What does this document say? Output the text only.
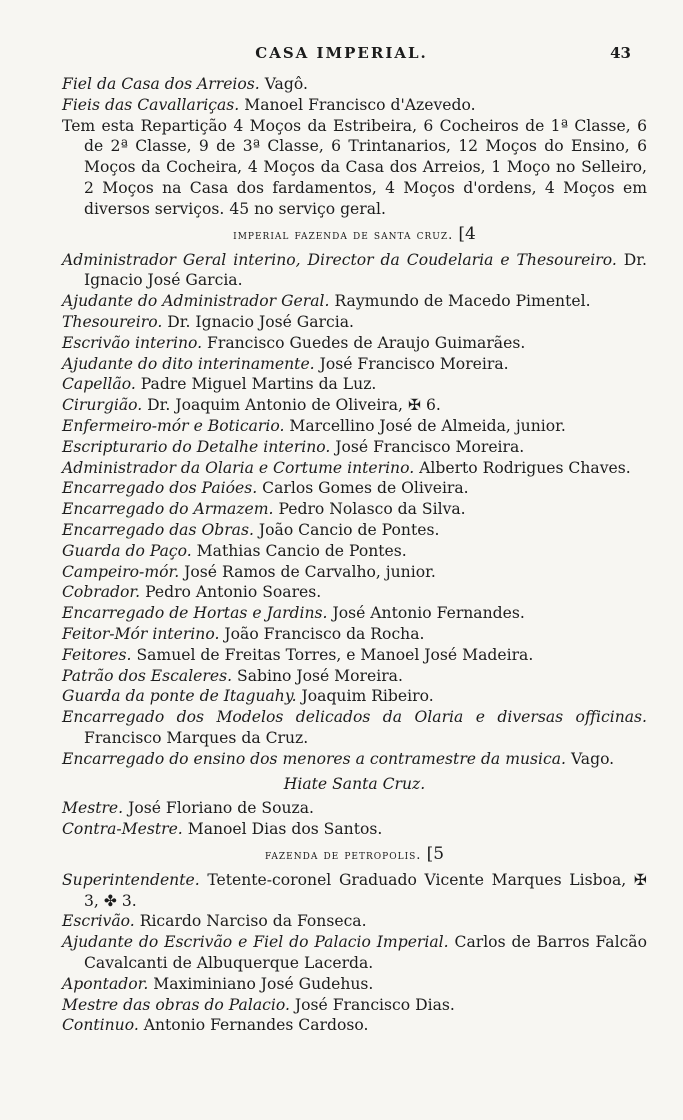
CASA IMPERIAL.	43
Fiel da Casa dos Arreios. Vagô.
Fieis das Cavallariças. Manoel Francisco d'Azevedo.
Tem esta Repartição 4 Moços da Estribeira, 6 Cocheiros de 1ª Classe, 6 de 2ª Classe, 9 de 3ª Classe, 6 Trintanarios, 12 Moços do Ensino, 6 Moços da Cocheira, 4 Moços da Casa dos Arreios, 1 Moço no Selleiro, 2 Moços na Casa dos fardamentos, 4 Moços d'ordens, 4 Moços em diversos serviços. 45 no serviço geral.
imperial fazenda de santa cruz. [4
Administrador Geral interino, Director da Coudelaria e Thesoureiro. Dr. Ignacio José Garcia.
Ajudante do Administrador Geral. Raymundo de Macedo Pimentel.
Thesoureiro. Dr. Ignacio José Garcia.
Escrivão interino. Francisco Guedes de Araujo Guimarães.
Ajudante do dito interinamente. José Francisco Moreira.
Capellão. Padre Miguel Martins da Luz.
Cirurgião. Dr. Joaquim Antonio de Oliveira, ✠ 6.
Enfermeiro-mór e Boticario. Marcellino José de Almeida, junior.
Escripturario do Detalhe interino. José Francisco Moreira.
Administrador da Olaria e Cortume interino. Alberto Rodrigues Chaves.
Encarregado dos Paióes. Carlos Gomes de Oliveira.
Encarregado do Armazem. Pedro Nolasco da Silva.
Encarregado das Obras. João Cancio de Pontes.
Guarda do Paço. Mathias Cancio de Pontes.
Campeiro-mór. José Ramos de Carvalho, junior.
Cobrador. Pedro Antonio Soares.
Encarregado de Hortas e Jardins. José Antonio Fernandes.
Feitor-Mór interino. João Francisco da Rocha.
Feitores. Samuel de Freitas Torres, e Manoel José Madeira.
Patrão dos Escaleres. Sabino José Moreira.
Guarda da ponte de Itaguahy. Joaquim Ribeiro.
Encarregado dos Modelos delicados da Olaria e diversas officinas. Francisco Marques da Cruz.
Encarregado do ensino dos menores a contramestre da musica. Vago.
Hiate Santa Cruz.
Mestre. José Floriano de Souza.
Contra-Mestre. Manoel Dias dos Santos.
fazenda de petropolis. [5
Superintendente. Tetente-coronel Graduado Vicente Marques Lisboa, ✠ 3, ✤ 3.
Escrivão. Ricardo Narciso da Fonseca.
Ajudante do Escrivão e Fiel do Palacio Imperial. Carlos de Barros Falcão Cavalcanti de Albuquerque Lacerda.
Apontador. Maximiniano José Gudehus.
Mestre das obras do Palacio. José Francisco Dias.
Continuo. Antonio Fernandes Cardoso.
